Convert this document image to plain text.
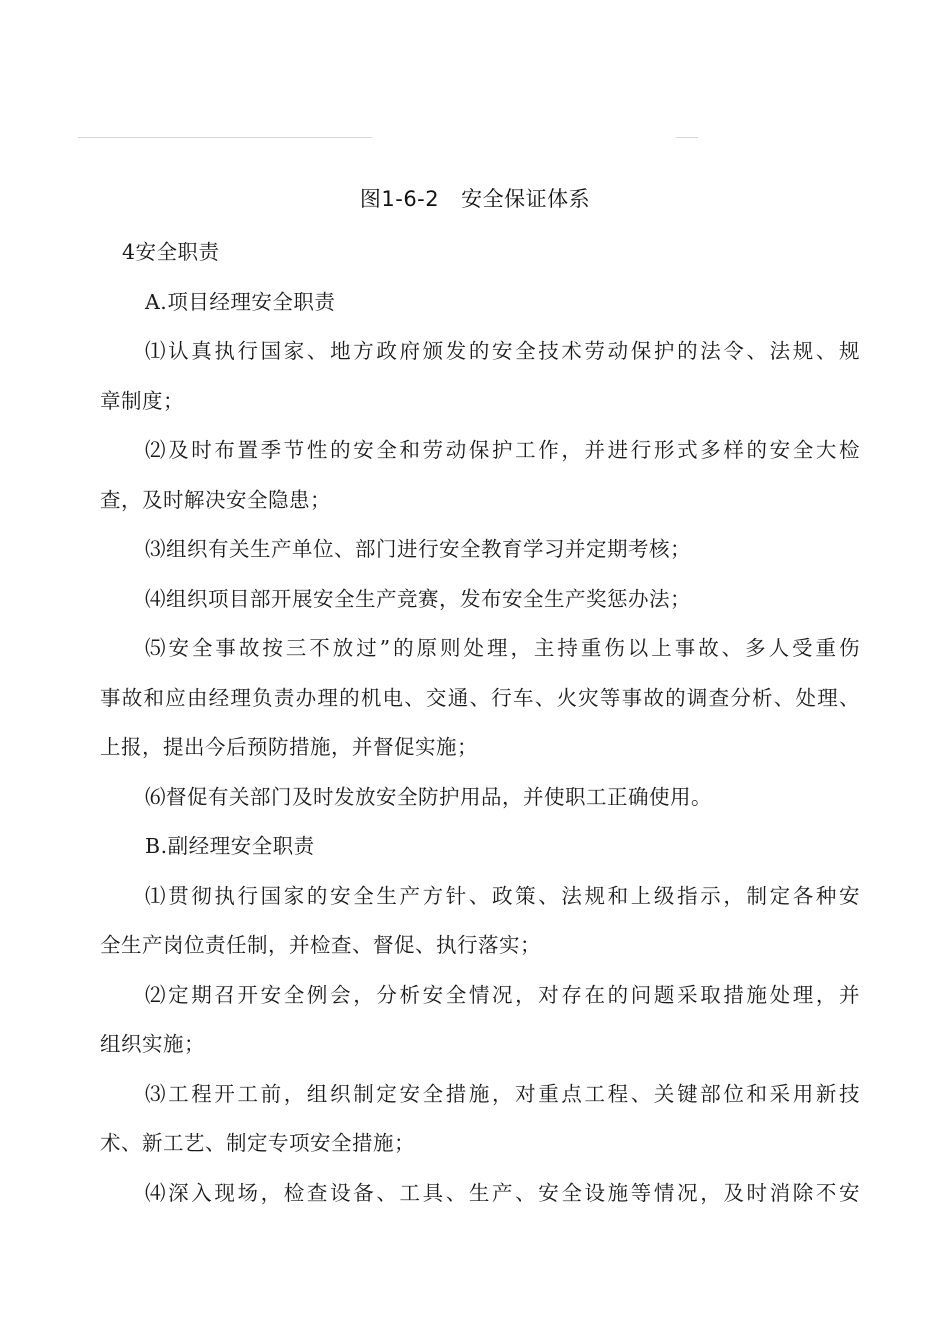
图1-6-2 安全保证体系
4安全职责
A.项目经理安全职责
⑴认真执行国家、地方政府颁发的安全技术劳动保护的法令、法规、规
章制度；
⑵及时布置季节性的安全和劳动保护工作，并进行形式多样的安全大检
查，及时解决安全隐患；
⑶组织有关生产单位、部门进行安全教育学习并定期考核；
⑷组织项目部开展安全生产竞赛，发布安全生产奖惩办法；
⑸安全事故按三不放过”的原则处理，主持重伤以上事故、多人受重伤
事故和应由经理负责办理的机电、交通、行车、火灾等事故的调查分析、处理、
上报，提出今后预防措施，并督促实施；
⑹督促有关部门及时发放安全防护用品，并使职工正确使用。
B.副经理安全职责
⑴贯彻执行国家的安全生产方针、政策、法规和上级指示，制定各种安
全生产岗位责任制，并检查、督促、执行落实；
⑵定期召开安全例会，分析安全情况，对存在的问题采取措施处理，并
组织实施；
⑶工程开工前，组织制定安全措施，对重点工程、关键部位和采用新技
术、新工艺、制定专项安全措施；
⑷深入现场，检查设备、工具、生产、安全设施等情况，及时消除不安
